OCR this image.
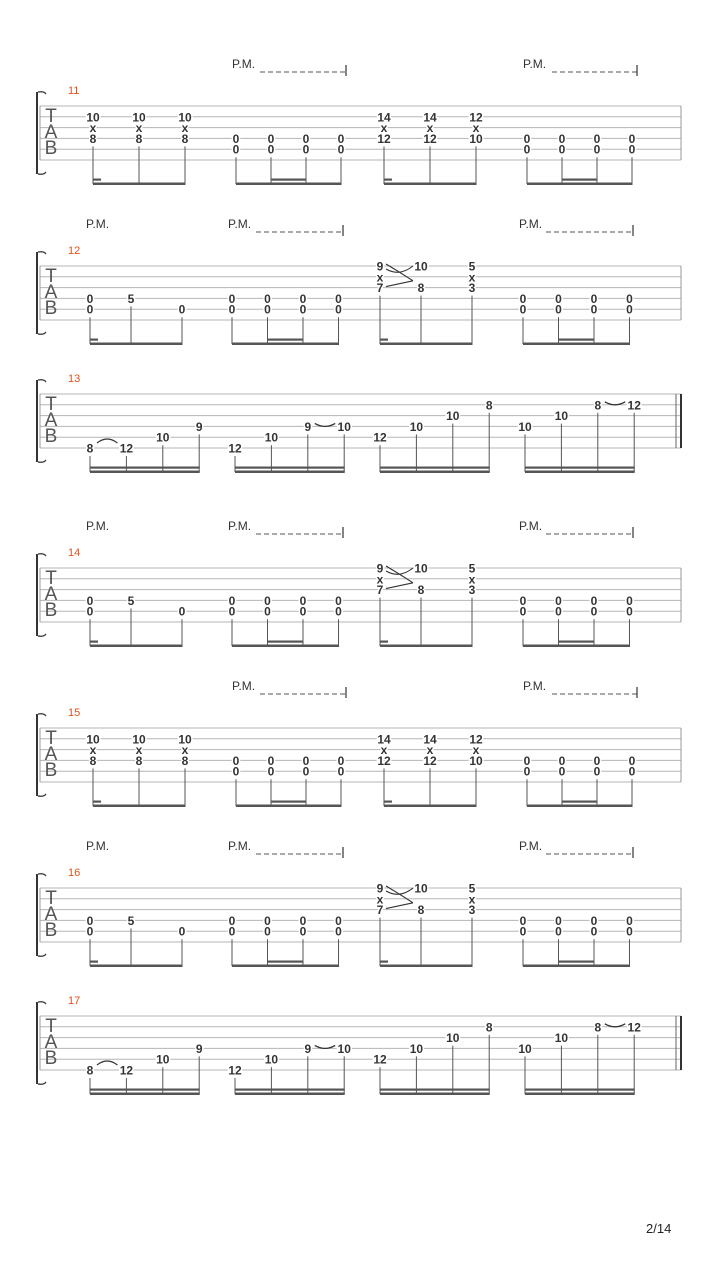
T
A
B
11
P.M.	P.M.
10
x
8
10
x
8
10
x
8	0
0
0
0
0
0
0
0
14
x
12
14
x
12
12
x
10	0
0
0
0
0
0
0
0
T
A
B
12
P.M.	P.M.	P.M.
0
0
5
0
0
0
0
0
0
0
0
0
9
x
7
10
8
5
x
3
0
0
0
0
0
0
0
0
T
A
B
13
8 12
10
9
12
10
9 10
12
10
10
8
10
10
8 12
T
A
B
14
P.M.	P.M.	P.M.
0
0
5
0
0
0
0
0
0
0
0
0
9
x
7
10
8
5
x
3
0
0
0
0
0
0
0
0
T
A
B
15
P.M.	P.M.
10
x
8
10
x
8
10
x
8	0
0
0
0
0
0
0
0
14
x
12
14
x
12
12
x
10	0
0
0
0
0
0
0
0
T
A
B
16
P.M.	P.M.	P.M.
0
0
5
0
0
0
0
0
0
0
0
0
9
x
7
10
8
5
x
3
0
0
0
0
0
0
0
0
T
A
B
17
8 12
10
9
12
10
9 10
12
10
10
8
10
10
8 12
2/14
